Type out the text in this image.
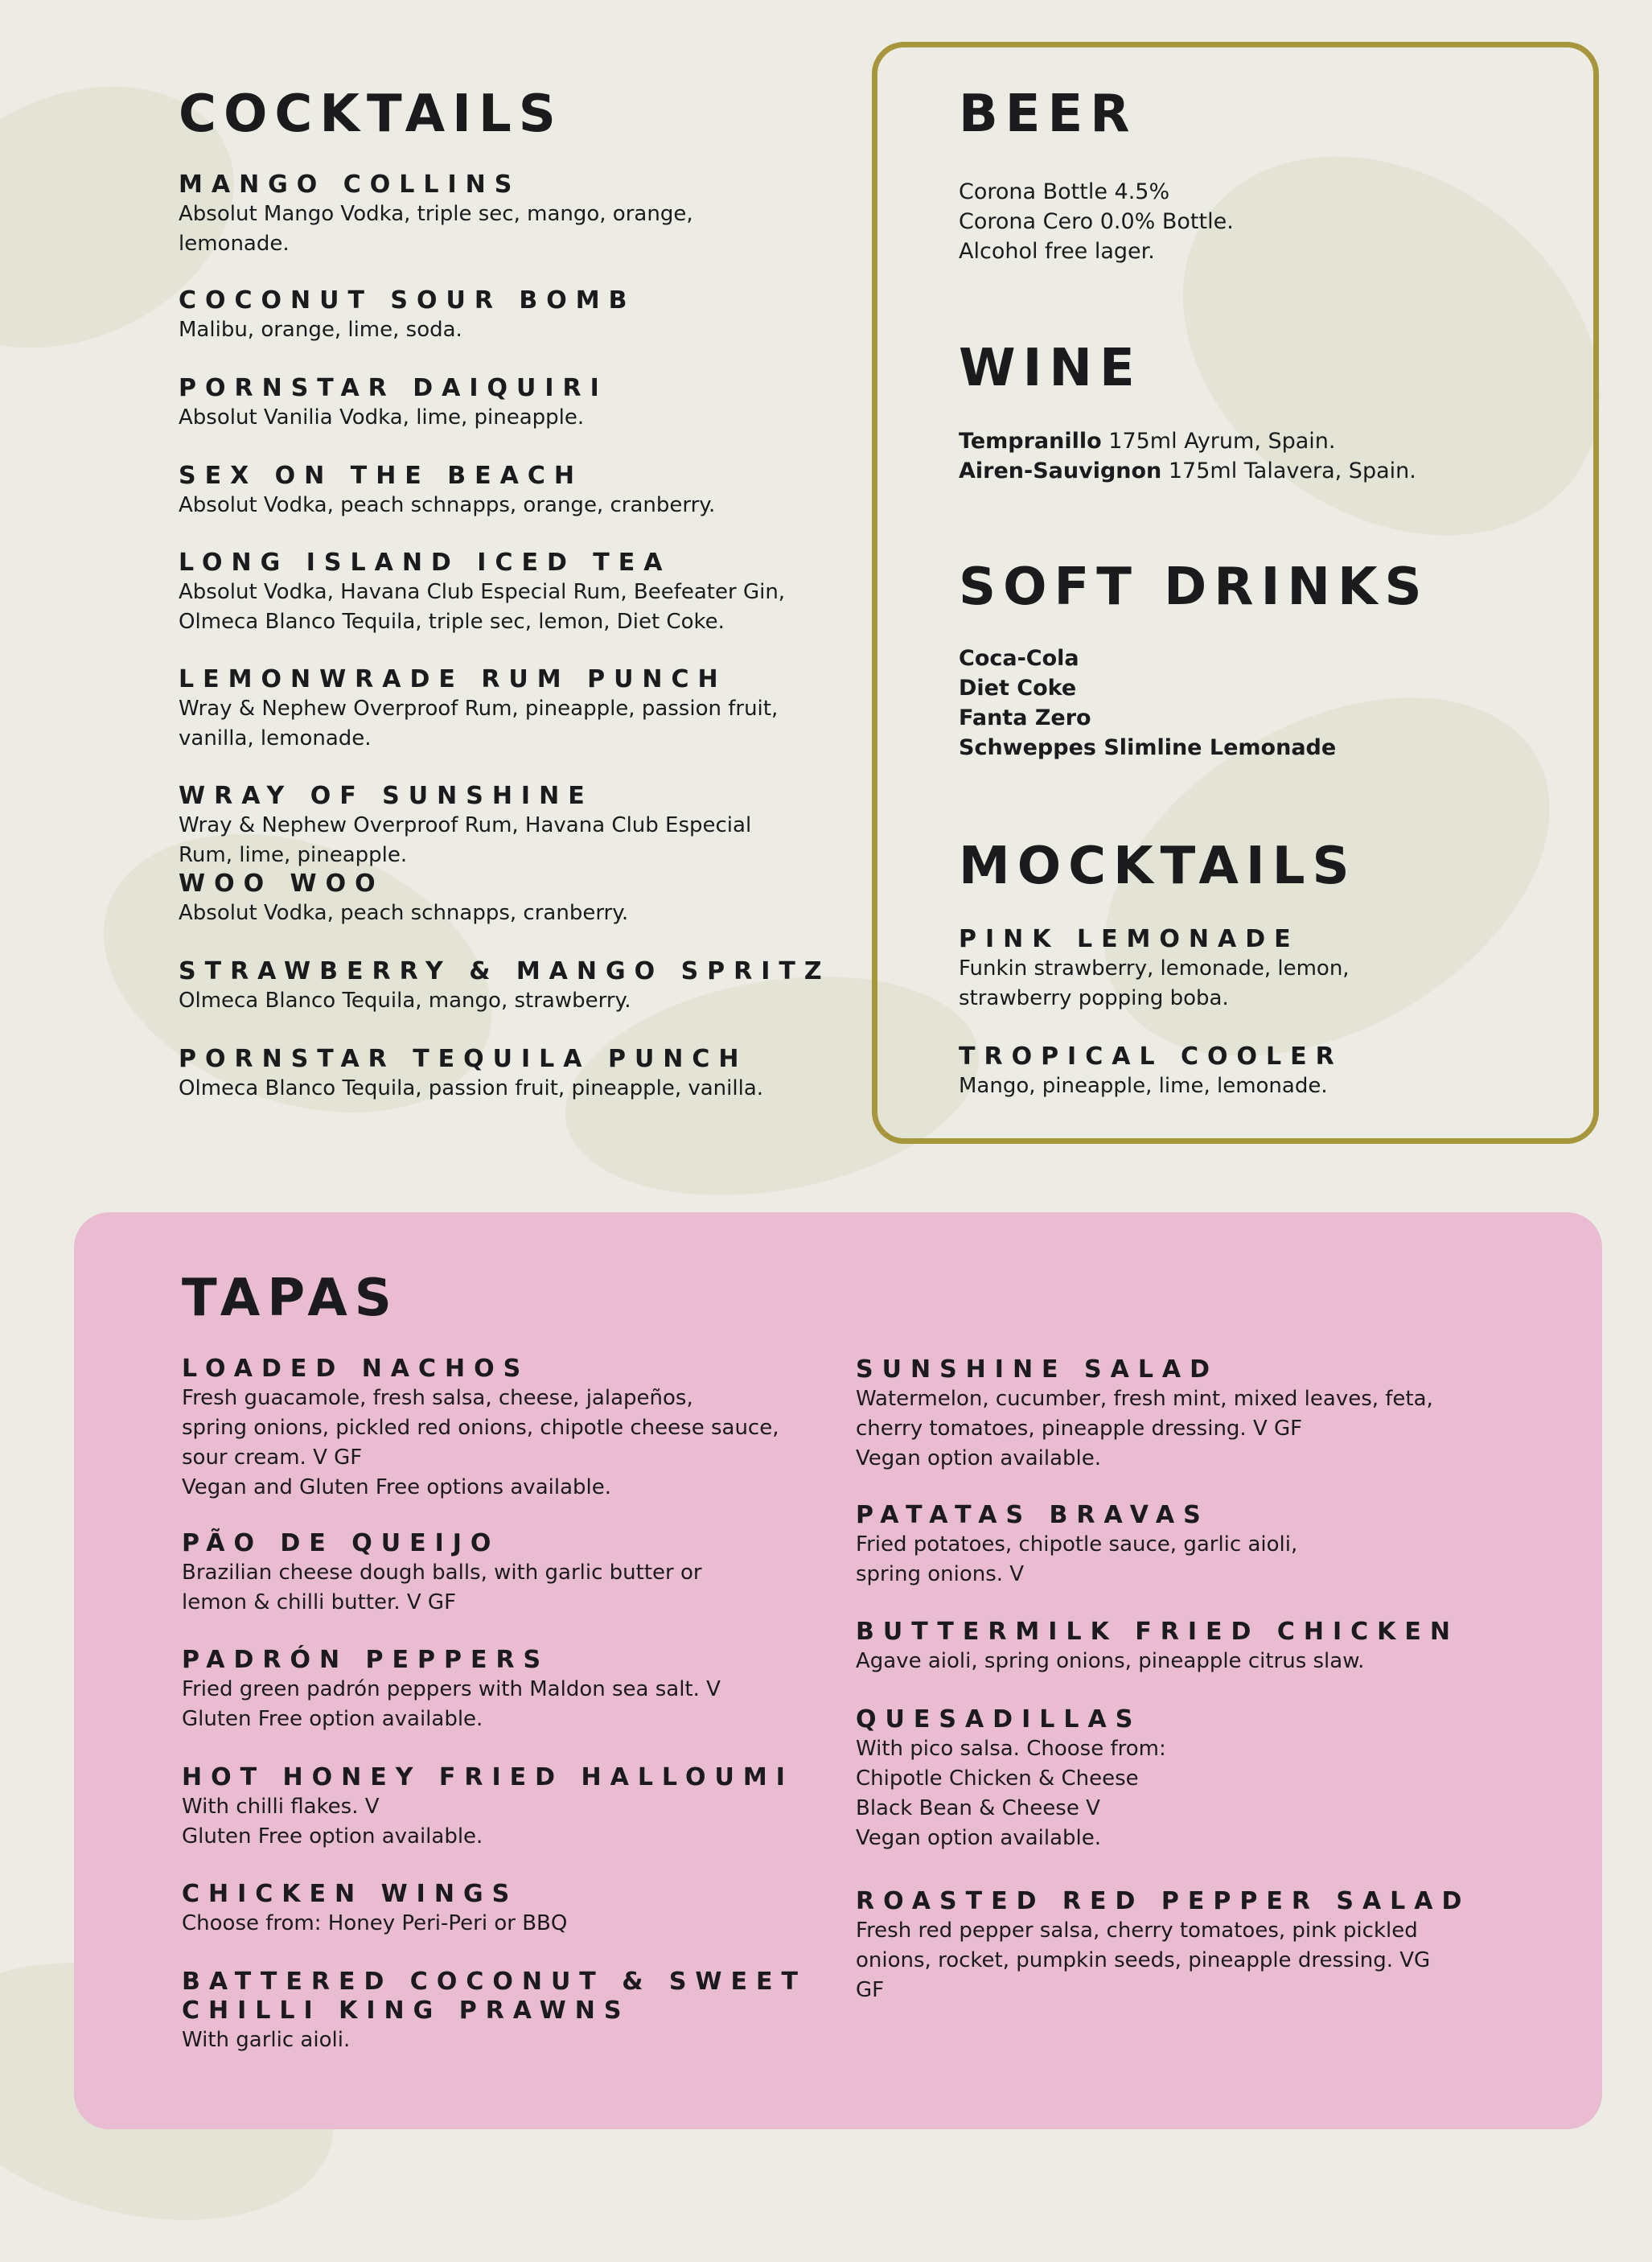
COCKTAILS

MANGO COLLINS

Absolut Mango Vodka, triple sec, mango, orange,
lemonade.

COCONUT SOUR BOMB

Malibu, orange, lime, soda.

PORNSTAR DAIQUIRI

Absolut Vanilia Vodka, lime, pineapple.

SEX ON THE BEACH

Absolut Vodka, peach schnapps, orange, cranberry.

LONG ISLAND ICED TEA

Absolut Vodka, Havana Club Especial Rum, Beefeater Gin,
Olmeca Blanco Tequila, triple sec, lemon, Diet Coke.

LEMONWRADE RUM PUNCH

Wray & Nephew Overproof Rum, pineapple, passion fruit,
vanilla, lemonade.

WRAY OF SUNSHINE

Wray & Nephew Overproof Rum, Havana Club Especial
Rum, lime, pineapple.

WOO WOO

Absolut Vodka, peach schnapps, cranberry.

STRAWBERRY & MANGO SPRITZ

Olmeca Blanco Tequila, mango, strawberry.

PORNSTAR TEQUILA PUNCH

Olmeca Blanco Tequila, passion fruit, pineapple, vanilla.

BEER

Corona Bottle 4.5%

Corona Cero 0.0% Bottle.

Alcohol free lager.

WINE

Tempranillo 175ml Ayrum, Spain.

Airen-Sauvignon 175ml Talavera, Spain.

SOFT DRINKS

Coca-Cola

Diet Coke

Fanta Zero

Schweppes Slimline Lemonade

MOCKTAILS

PINK LEMONADE

Funkin strawberry, lemonade, lemon,
strawberry popping boba.

TROPICAL COOLER

Mango, pineapple, lime, lemonade.

TAPAS

LOADED NACHOS

Fresh guacamole, fresh salsa, cheese, jalapeños,
spring onions, pickled red onions, chipotle cheese sauce,
sour cream. V GF
Vegan and Gluten Free options available.

PÃO DE QUEIJO

Brazilian cheese dough balls, with garlic butter or
lemon & chilli butter. V GF

PADRÓN PEPPERS

Fried green padrón peppers with Maldon sea salt. V
Gluten Free option available.

HOT HONEY FRIED HALLOUMI

With chilli flakes. V
Gluten Free option available.

CHICKEN WINGS

Choose from: Honey Peri-Peri or BBQ

BATTERED COCONUT & SWEET
CHILLI KING PRAWNS

With garlic aioli.

SUNSHINE SALAD

Watermelon, cucumber, fresh mint, mixed leaves, feta,
cherry tomatoes, pineapple dressing. V GF
Vegan option available.

PATATAS BRAVAS

Fried potatoes, chipotle sauce, garlic aioli,
spring onions. V

BUTTERMILK FRIED CHICKEN

Agave aioli, spring onions, pineapple citrus slaw.

QUESADILLAS

With pico salsa. Choose from:
Chipotle Chicken & Cheese
Black Bean & Cheese V
Vegan option available.

ROASTED RED PEPPER SALAD

Fresh red pepper salsa, cherry tomatoes, pink pickled
onions, rocket, pumpkin seeds, pineapple dressing. VG
GF
